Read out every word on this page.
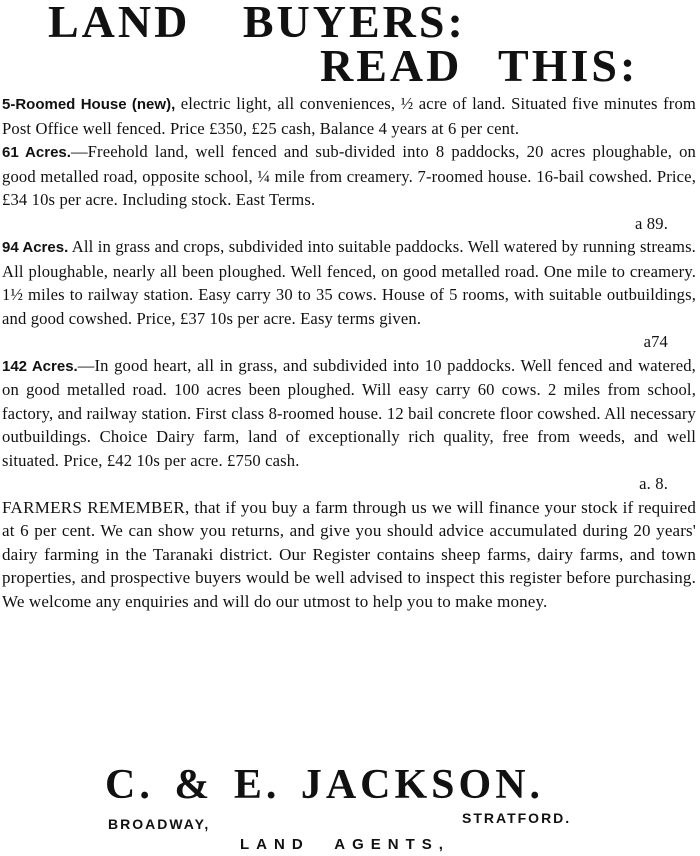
LAND BUYERS:
READ THIS:

5-Roomed House (new), electric light, all conveniences, ½ acre of land. Situated five minutes from Post Office well fenced. Price £350, £25 cash, Balance 4 years at 6 per cent.

61 Acres.—Freehold land, well fenced and sub-divided into 8 paddocks, 20 acres ploughable, on good metalled road, opposite school, ¼ mile from creamery. 7-roomed house. 16-bail cowshed. Price, £34 10s per acre. Including stock. East Terms.
a 89.

94 Acres. All in grass and crops, subdivided into suitable paddocks. Well watered by running streams. All ploughable, nearly all been ploughed. Well fenced, on good metalled road. One mile to creamery. 1½ miles to railway station. Easy carry 30 to 35 cows. House of 5 rooms, with suitable outbuildings, and good cowshed. Price, £37 10s per acre. Easy terms given.
a74

142 Acres.—In good heart, all in grass, and subdivided into 10 paddocks. Well fenced and watered, on good metalled road. 100 acres been ploughed. Will easy carry 60 cows. 2 miles from school, factory, and railway station. First class 8-roomed house. 12 bail concrete floor cowshed. All necessary outbuildings. Choice Dairy farm, land of exceptionally rich quality, free from weeds, and well situated. Price, £42 10s per acre. £750 cash.
a. 8.

FARMERS REMEMBER, that if you buy a farm through us we will finance your stock if required at 6 per cent. We can show you returns, and give you should advice accumulated during 20 years' dairy farming in the Taranaki district. Our Register contains sheep farms, dairy farms, and town properties, and prospective buyers would be well advised to inspect this register before purchasing. We welcome any enquiries and will do our utmost to help you to make money.

C. & E. JACKSON.
BROADWAY,	STRATFORD.
LAND AGENTS,
